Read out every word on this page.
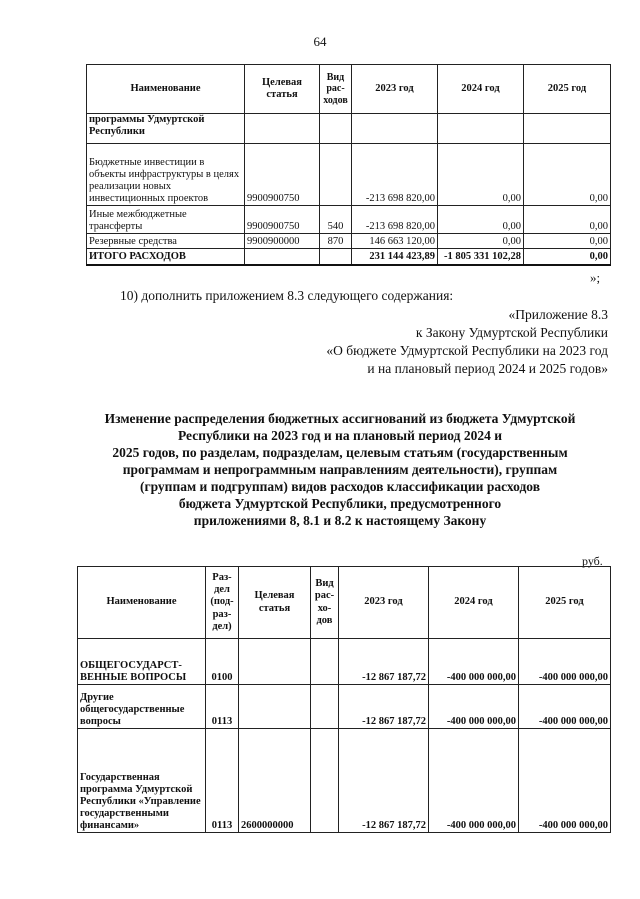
64
Наименование	Целевая статья	Вид рас-ходов	2023 год	2024 год	2025 год
программы Удмуртской Республики					
Бюджетные инвестиции в объекты инфраструктуры в целях реализации новых инвестиционных проектов	9900900750		-213 698 820,00	0,00	0,00
Иные межбюджетные трансферты	9900900750	540	-213 698 820,00	0,00	0,00
Резервные средства	9900900000	870	146 663 120,00	0,00	0,00
ИТОГО РАСХОДОВ			231 144 423,89	-1 805 331 102,28	0,00
»;
10) дополнить приложением 8.3 следующего содержания:
«Приложение 8.3
к Закону Удмуртской Республики
«О бюджете Удмуртской Республики на 2023 год
и на плановый период 2024 и 2025 годов»
Изменение распределения бюджетных ассигнований из бюджета Удмуртской
Республики на 2023 год и на плановый период 2024 и
2025 годов, по разделам, подразделам, целевым статьям (государственным
программам и непрограммным направлениям деятельности), группам
(группам и подгруппам) видов расходов классификации расходов
бюджета Удмуртской Республики, предусмотренного
приложениями 8, 8.1 и 8.2 к настоящему Закону
руб.
Наименование	Раз-дел (под-раз-дел)	Целевая статья	Вид рас-хо-дов	2023 год	2024 год	2025 год
ОБЩЕГОСУДАРСТ-ВЕННЫЕ ВОПРОСЫ	0100			-12 867 187,72	-400 000 000,00	-400 000 000,00
Другие общегосударственные вопросы	0113			-12 867 187,72	-400 000 000,00	-400 000 000,00
Государственная программа Удмуртской Республики «Управление государственными финансами»	0113	2600000000		-12 867 187,72	-400 000 000,00	-400 000 000,00
